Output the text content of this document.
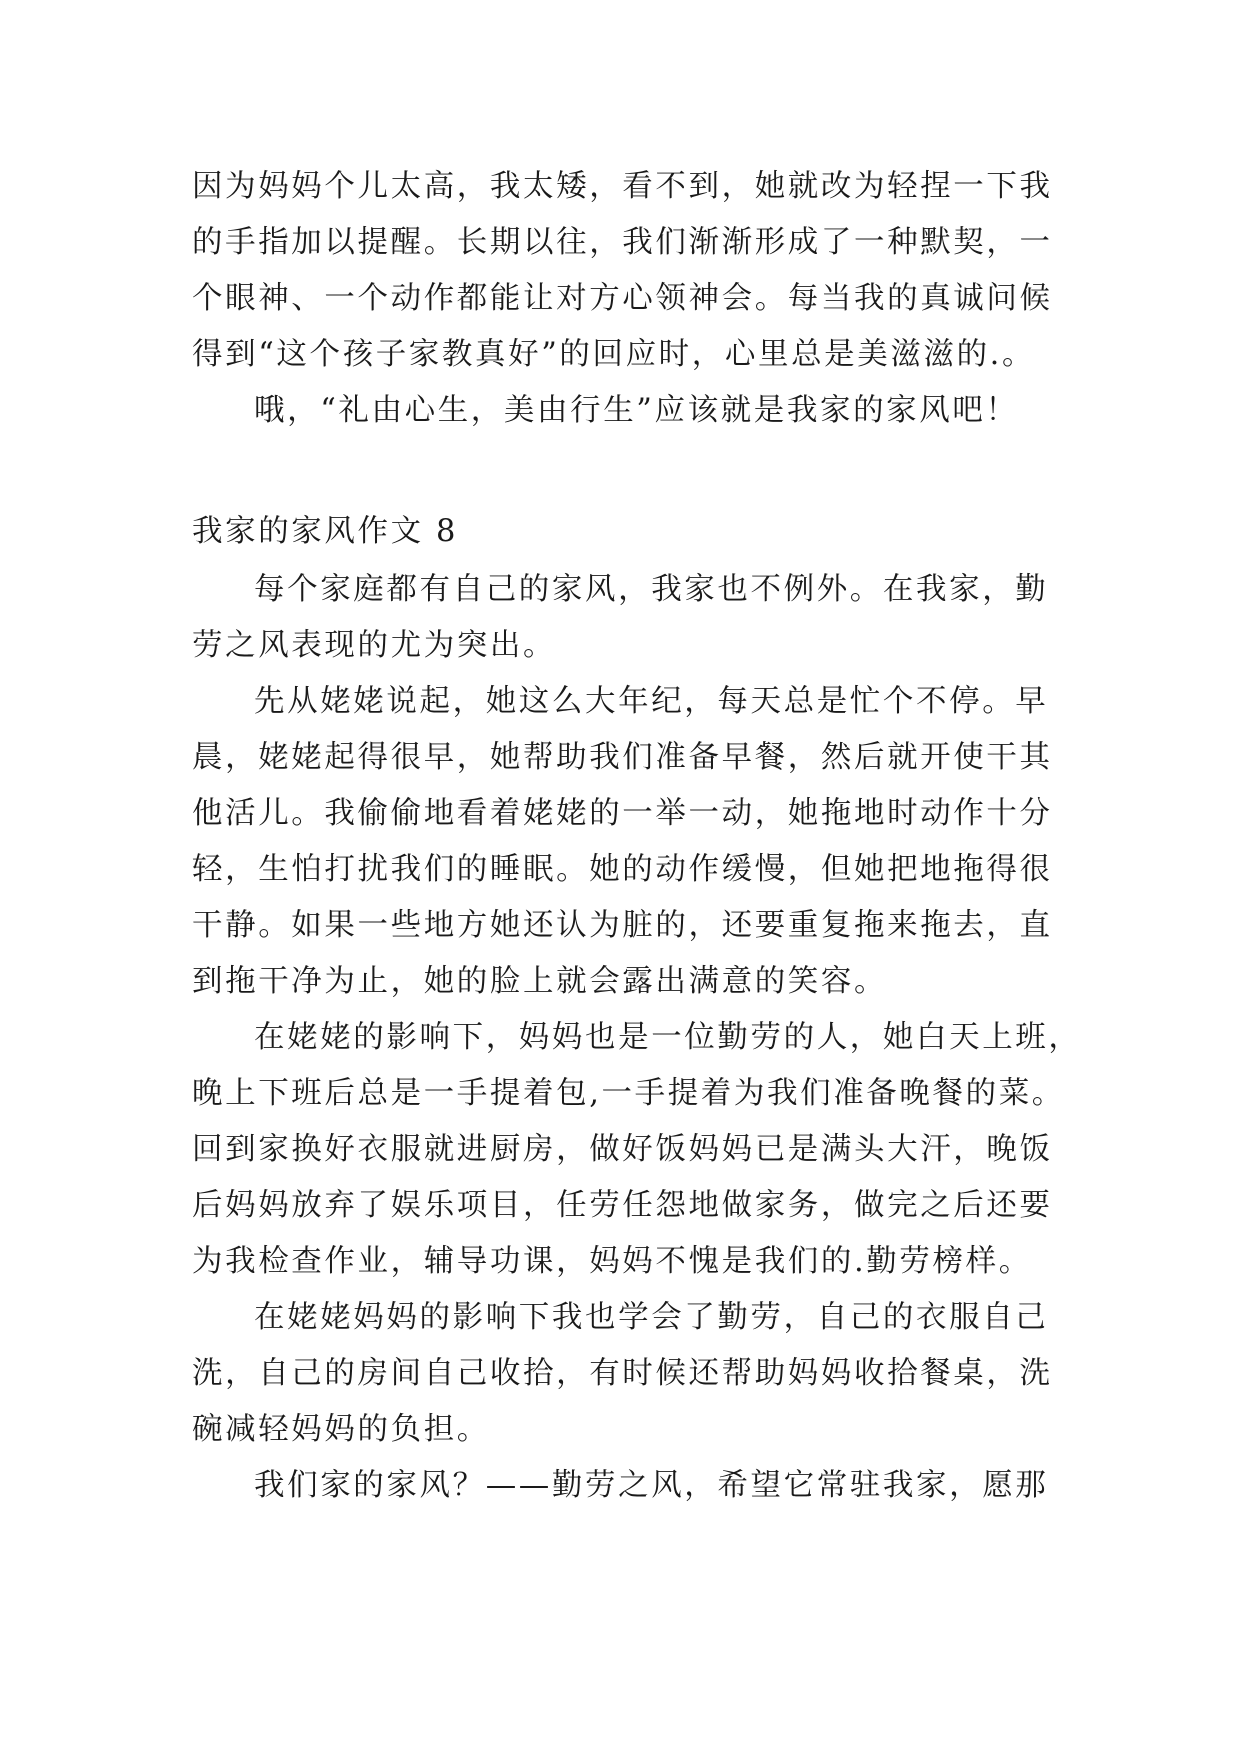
因为妈妈个儿太高，我太矮，看不到，她就改为轻捏一下我
的手指加以提醒。长期以往，我们渐渐形成了一种默契，一
个眼神、一个动作都能让对方心领神会。每当我的真诚问候
得到“这个孩子家教真好”的回应时，心里总是美滋滋的.。
哦，“礼由心生，美由行生”应该就是我家的家风吧！
我家的家风作文 8
每个家庭都有自己的家风，我家也不例外。在我家，勤
劳之风表现的尤为突出。
先从姥姥说起，她这么大年纪，每天总是忙个不停。早
晨，姥姥起得很早，她帮助我们准备早餐，然后就开使干其
他活儿。我偷偷地看着姥姥的一举一动，她拖地时动作十分
轻，生怕打扰我们的睡眠。她的动作缓慢，但她把地拖得很
干静。如果一些地方她还认为脏的，还要重复拖来拖去，直
到拖干净为止，她的脸上就会露出满意的笑容。
在姥姥的影响下，妈妈也是一位勤劳的人，她白天上班，
晚上下班后总是一手提着包,一手提着为我们准备晚餐的菜。
回到家换好衣服就进厨房，做好饭妈妈已是满头大汗，晚饭
后妈妈放弃了娱乐项目，任劳任怨地做家务，做完之后还要
为我检查作业，辅导功课，妈妈不愧是我们的.勤劳榜样。
在姥姥妈妈的影响下我也学会了勤劳，自己的衣服自己
洗，自己的房间自己收拾，有时候还帮助妈妈收拾餐桌，洗
碗减轻妈妈的负担。
我们家的家风？——勤劳之风，希望它常驻我家，愿那
